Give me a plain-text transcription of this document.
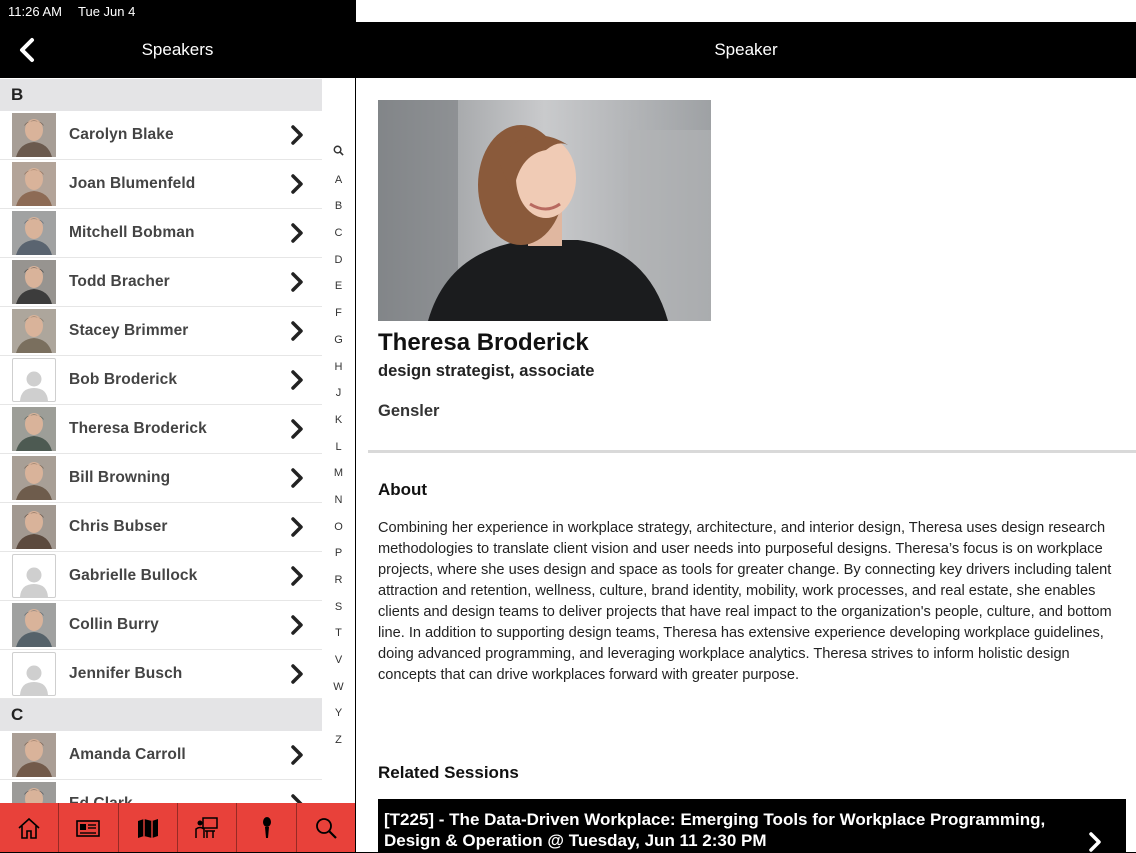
Speakers
B
Carolyn Blake
Joan Blumenfeld
Mitchell Bobman
Todd Bracher
Stacey Brimmer
Bob Broderick
Theresa Broderick
Bill Browning
Chris Bubser
Gabrielle Bullock
Collin Burry
Jennifer Busch
C
Amanda Carroll
A
B
C
D
E
F
G
H
J
K
L
M
N
O
P
R
S
T
V
W
Y
Z
11:26 AM Tue Jun 4
Speaker
Theresa Broderick
design strategist, associate
Gensler
About
Combining her experience in workplace strategy, architecture, and interior design, Theresa uses design research methodologies to translate client vision and user needs into purposeful designs. Theresa’s focus is on workplace projects, where she uses design and space as tools for greater change. By connecting key drivers including talent attraction and retention, wellness, culture, brand identity, mobility, work processes, and real estate, she enables clients and design teams to deliver projects that have real impact to the organization's people, culture, and bottom line. In addition to supporting design teams, Theresa has extensive experience developing workplace guidelines, doing advanced programming, and leveraging workplace analytics. Theresa strives to inform holistic design concepts that can drive workplaces forward with greater purpose.
Related Sessions
[T225] - The Data-Driven Workplace: Emerging Tools for Workplace Programming, Design & Operation @ Tuesday, Jun 11 2:30 PM
